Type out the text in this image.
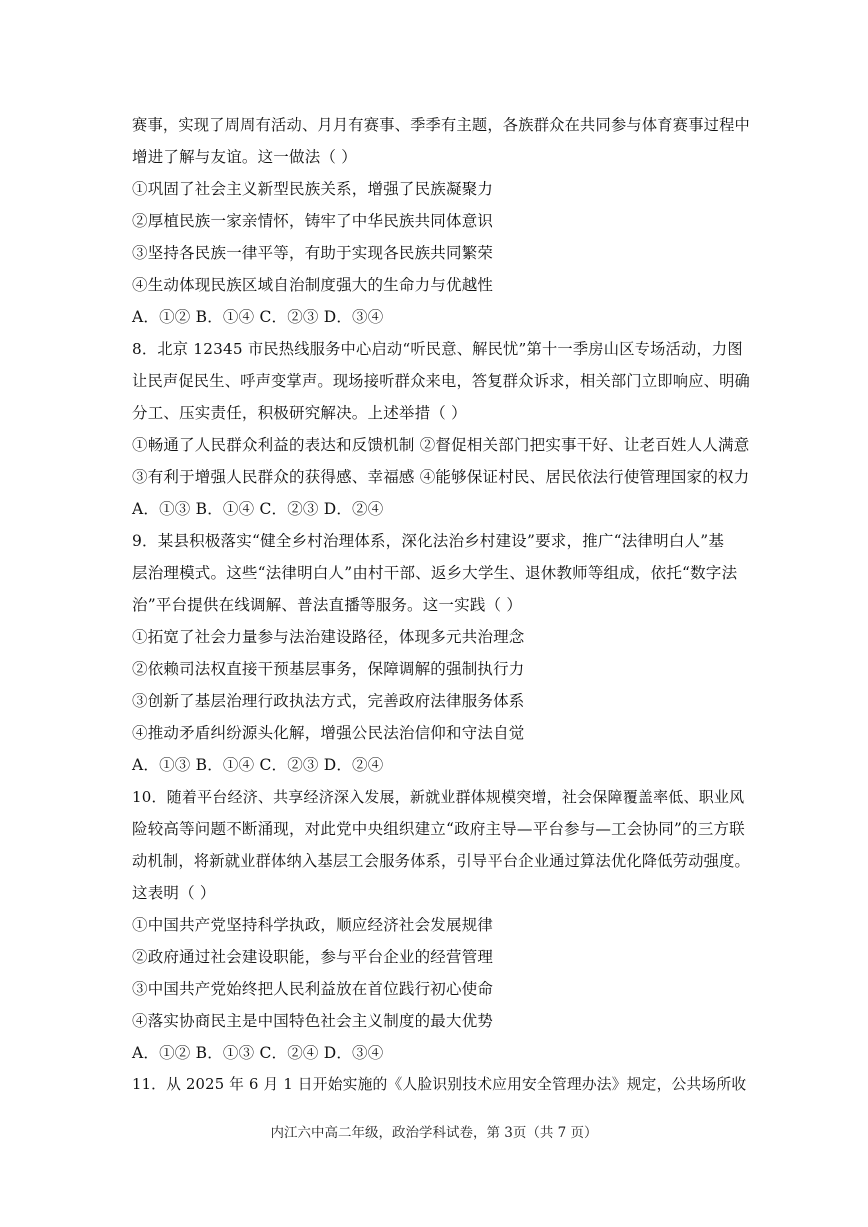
赛事，实现了周周有活动、月月有赛事、季季有主题，各族群众在共同参与体育赛事过程中
增进了解与友谊。这一做法（ ）
①巩固了社会主义新型民族关系，增强了民族凝聚力
②厚植民族一家亲情怀，铸牢了中华民族共同体意识
③坚持各民族一律平等，有助于实现各民族共同繁荣
④生动体现民族区域自治制度强大的生命力与优越性
A．①② B．①④ C．②③ D．③④
8．北京 12345 市民热线服务中心启动“听民意、解民忧”第十一季房山区专场活动，力图
让民声促民生、呼声变掌声。现场接听群众来电，答复群众诉求，相关部门立即响应、明确
分工、压实责任，积极研究解决。上述举措（ ）
①畅通了人民群众利益的表达和反馈机制 ②督促相关部门把实事干好、让老百姓人人满意
③有利于增强人民群众的获得感、幸福感 ④能够保证村民、居民依法行使管理国家的权力
A．①③ B．①④ C．②③ D．②④
9．某县积极落实“健全乡村治理体系，深化法治乡村建设”要求，推广“法律明白人”基
层治理模式。这些“法律明白人”由村干部、返乡大学生、退休教师等组成，依托“数字法
治”平台提供在线调解、普法直播等服务。这一实践（ ）
①拓宽了社会力量参与法治建设路径，体现多元共治理念
②依赖司法权直接干预基层事务，保障调解的强制执行力
③创新了基层治理行政执法方式，完善政府法律服务体系
④推动矛盾纠纷源头化解，增强公民法治信仰和守法自觉
A．①③ B．①④ C．②③ D．②④
10．随着平台经济、共享经济深入发展，新就业群体规模突增，社会保障覆盖率低、职业风
险较高等问题不断涌现，对此党中央组织建立“政府主导—平台参与—工会协同”的三方联
动机制，将新就业群体纳入基层工会服务体系，引导平台企业通过算法优化降低劳动强度。
这表明（ ）
①中国共产党坚持科学执政，顺应经济社会发展规律
②政府通过社会建设职能，参与平台企业的经营管理
③中国共产党始终把人民利益放在首位践行初心使命
④落实协商民主是中国特色社会主义制度的最大优势
A．①② B．①③ C．②④ D．③④
11．从 2025 年 6 月 1 日开始实施的《人脸识别技术应用安全管理办法》规定，公共场所收
内江六中高二年级，政治学科试卷，第 3页（共 7 页）
